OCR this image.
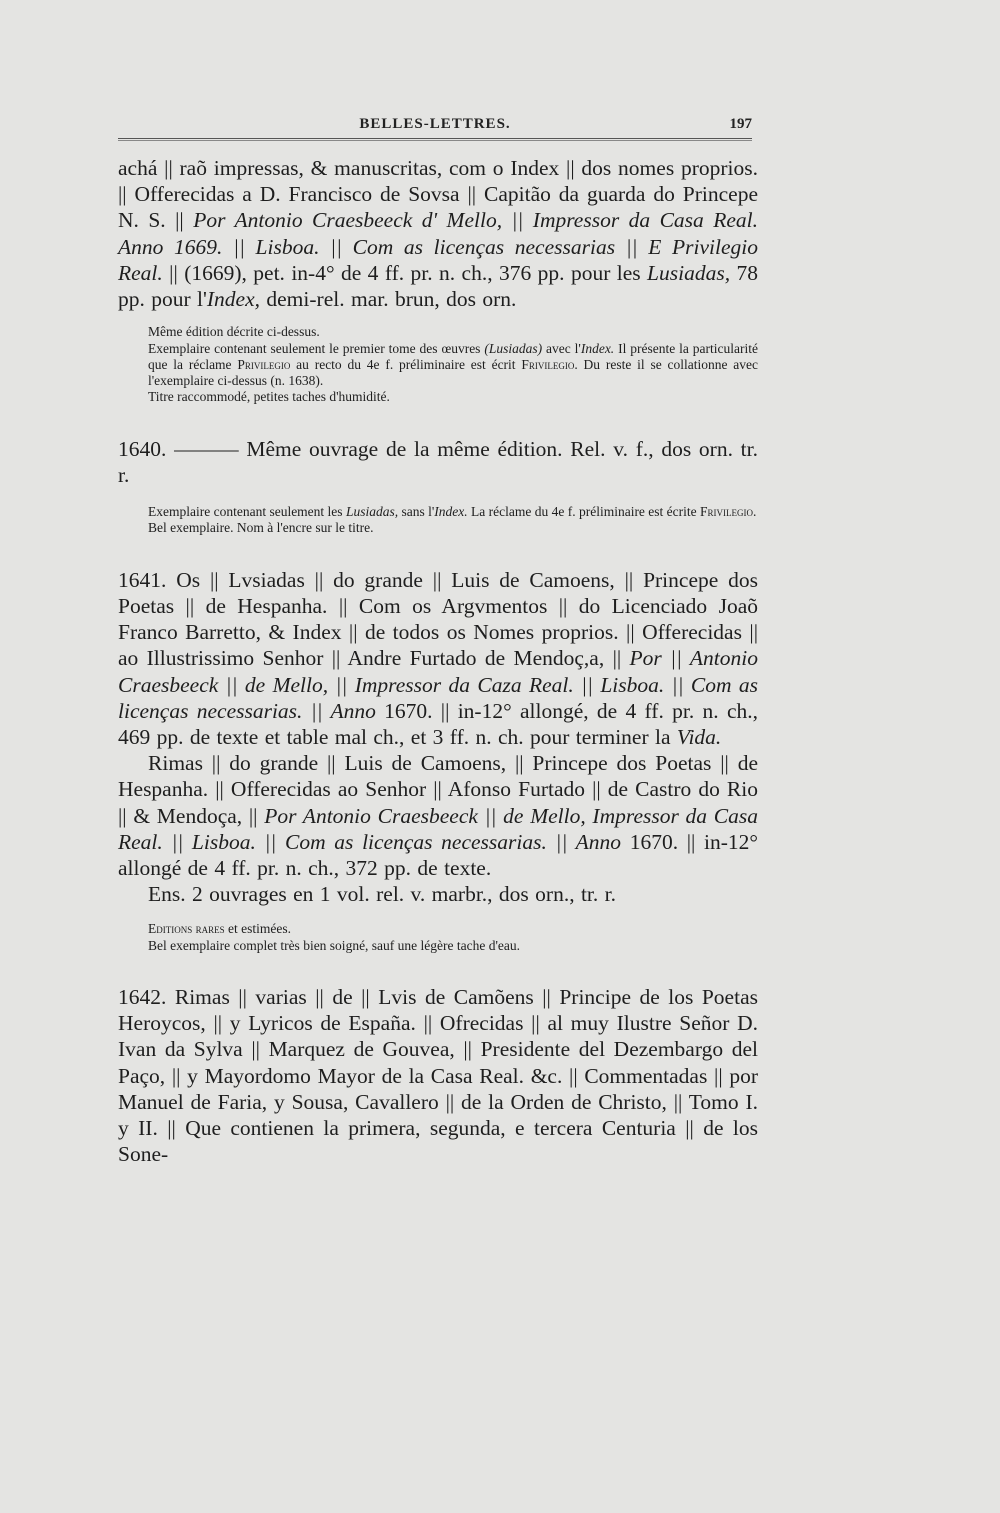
BELLES-LETTRES.	197

achá || raõ impressas, & manuscritas, com o Index || dos nomes proprios. || Offerecidas a D. Francisco de Sovsa || Capitão da guarda do Princepe N. S. || Por Antonio Craesbeeck d' Mello, || Impressor da Casa Real. Anno 1669. || Lisboa. || Com as licenças necessarias || E Privilegio Real. || (1669), pet. in-4° de 4 ff. pr. n. ch., 376 pp. pour les Lusiadas, 78 pp. pour l'Index, demi-rel. mar. brun, dos orn.

Même édition décrite ci-dessus.

Exemplaire contenant seulement le premier tome des œuvres (Lusiadas) avec l'Index. Il présente la particularité que la réclame Privilegio au recto du 4e f. préliminaire est écrit Frivilegio. Du reste il se collationne avec l'exemplaire ci-dessus (n. 1638).

Titre raccommodé, petites taches d'humidité.

1640. ——— Même ouvrage de la même édition. Rel. v. f., dos orn. tr. r.

Exemplaire contenant seulement les Lusiadas, sans l'Index. La réclame du 4e f. préliminaire est écrite Frivilegio.

Bel exemplaire. Nom à l'encre sur le titre.

1641. Os || Lvsiadas || do grande || Luis de Camoens, || Princepe dos Poetas || de Hespanha. || Com os Argvmentos || do Licenciado Joaõ Franco Barretto, & Index || de todos os Nomes proprios. || Offerecidas || ao Illustrissimo Senhor || Andre Furtado de Mendoç,a, || Por || Antonio Craesbeeck || de Mello, || Impressor da Caza Real. || Lisboa. || Com as licenças necessarias. || Anno 1670. || in-12° allongé, de 4 ff. pr. n. ch., 469 pp. de texte et table mal ch., et 3 ff. n. ch. pour terminer la Vida.

Rimas || do grande || Luis de Camoens, || Princepe dos Poetas || de Hespanha. || Offerecidas ao Senhor || Afonso Furtado || de Castro do Rio || & Mendoça, || Por Antonio Craesbeeck || de Mello, Impressor da Casa Real. || Lisboa. || Com as licenças necessarias. || Anno 1670. || in-12° allongé de 4 ff. pr. n. ch., 372 pp. de texte.

Ens. 2 ouvrages en 1 vol. rel. v. marbr., dos orn., tr. r.

Editions rares et estimées.

Bel exemplaire complet très bien soigné, sauf une légère tache d'eau.

1642. Rimas || varias || de || Lvis de Camõens || Principe de los Poetas Heroycos, || y Lyricos de España. || Ofrecidas || al muy Ilustre Señor D. Ivan da Sylva || Marquez de Gouvea, || Presidente del Dezembargo del Paço, || y Mayordomo Mayor de la Casa Real. &c. || Commentadas || por Manuel de Faria, y Sousa, Cavallero || de la Orden de Christo, || Tomo I. y II. || Que contienen la primera, segunda, e tercera Centuria || de los Sone-
